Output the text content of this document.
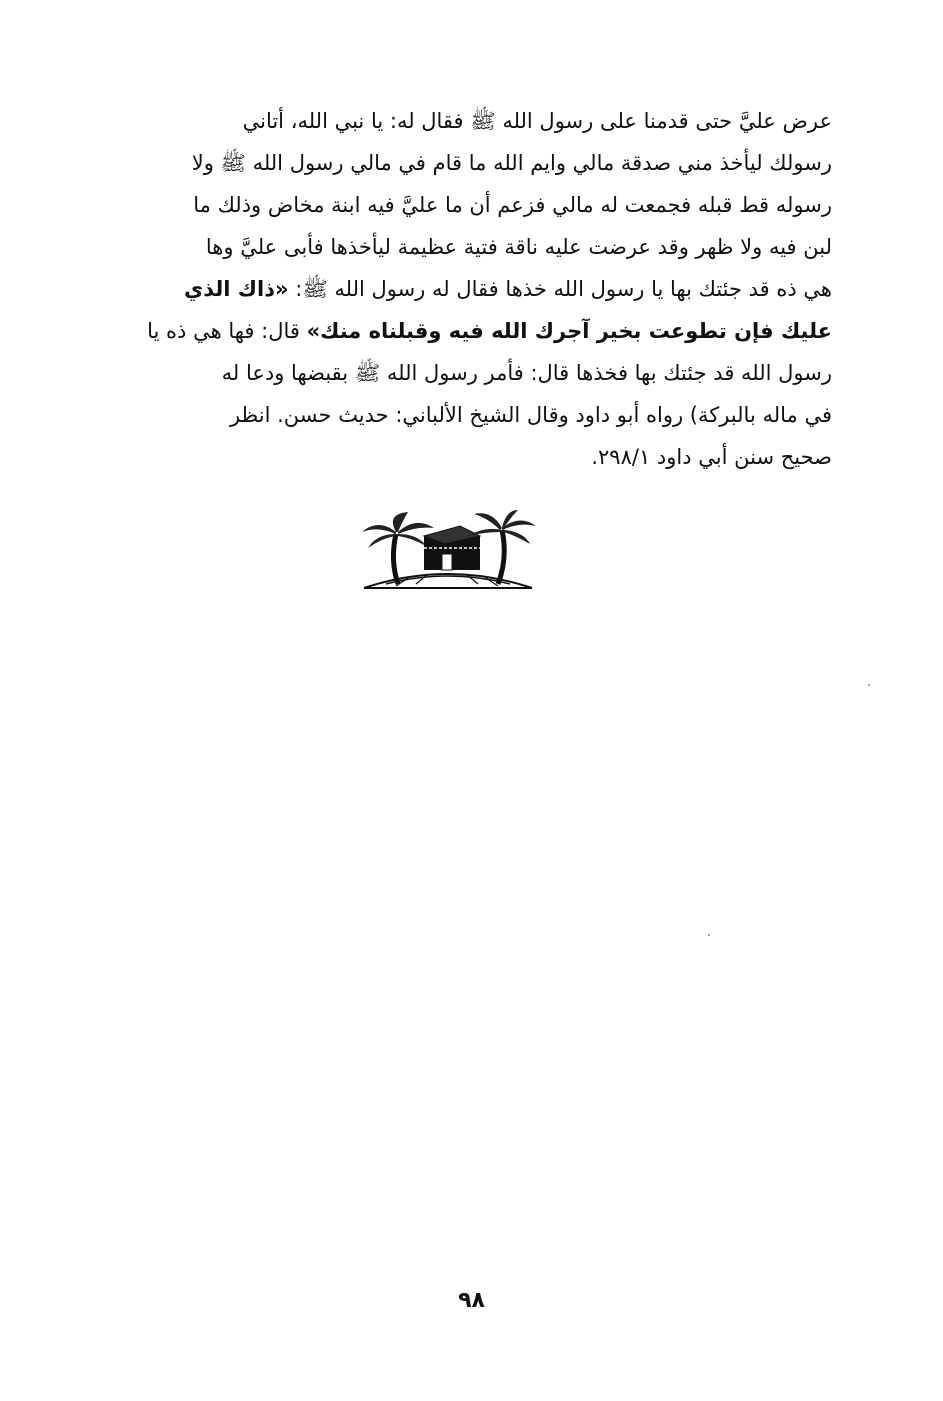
عرض عليَّ حتى قدمنا على رسول الله ﷺ فقال له: يا نبي الله، أتاني
رسولك ليأخذ مني صدقة مالي وايم الله ما قام في مالي رسول الله ﷺ ولا
رسوله قط قبله فجمعت له مالي فزعم أن ما عليَّ فيه ابنة مخاض وذلك ما
لبن فيه ولا ظهر وقد عرضت عليه ناقة فتية عظيمة ليأخذها فأبى عليَّ وها
هي ذه قد جئتك بها يا رسول الله خذها فقال له رسول الله ﷺ: «ذاك الذي
عليك فإن تطوعت بخير آجرك الله فيه وقبلناه منك» قال: فها هي ذه يا
رسول الله قد جئتك بها فخذها قال: فأمر رسول الله ﷺ بقبضها ودعا له
في ماله بالبركة) رواه أبو داود وقال الشيخ الألباني: حديث حسن. انظر
صحيح سنن أبي داود ٢٩٨/١.
٩٨
